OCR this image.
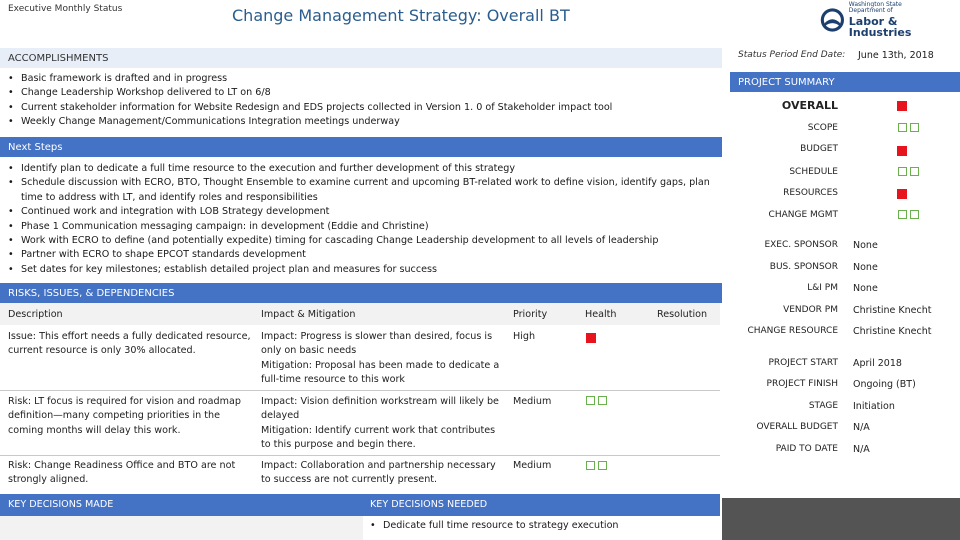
Executive Monthly Status	Change Management Strategy: Overall BT
Washington State Department of
Labor & Industries
ACCOMPLISHMENTS
• Basic framework is drafted and in progress
• Change Leadership Workshop delivered to LT on 6/8
• Current stakeholder information for Website Redesign and EDS projects collected in Version 1. 0 of Stakeholder impact tool
• Weekly Change Management/Communications Integration meetings underway
Next Steps
• Identify plan to dedicate a full time resource to the execution and further development of this strategy
• Schedule discussion with ECRO, BTO, Thought Ensemble to examine current and upcoming BT-related work to define vision, identify gaps, plan time to address with LT, and identify roles and responsibilities
• Continued work and integration with LOB Strategy development
• Phase 1 Communication messaging campaign: in development (Eddie and Christine)
• Work with ECRO to define (and potentially expedite) timing for cascading Change Leadership development to all levels of leadership
• Partner with ECRO to shape EPCOT standards development
• Set dates for key milestones; establish detailed project plan and measures for success
RISKS, ISSUES, & DEPENDENCIES
Description	Impact & Mitigation	Priority	Health	Resolution
Issue: This effort needs a fully dedicated resource, current resource is only 30% allocated.
Impact: Progress is slower than desired, focus is only on basic needs
Mitigation: Proposal has been made to dedicate a full-time resource to this work
High
Risk: LT focus is required for vision and roadmap definition—many competing priorities in the coming months will delay this work.
Impact: Vision definition workstream will likely be delayed
Mitigation: Identify current work that contributes to this purpose and begin there.
Medium
Risk: Change Readiness Office and BTO are not strongly aligned.
Impact: Collaboration and partnership necessary to success are not currently present.
Medium
KEY DECISIONS MADE	KEY DECISIONS NEEDED
• Dedicate full time resource to strategy execution
Status Period End Date: June 13th, 2018
PROJECT SUMMARY
OVERALL
SCOPE
BUDGET
SCHEDULE
RESOURCES
CHANGE MGMT
EXEC. SPONSOR None
BUS. SPONSOR None
L&I PM None
VENDOR PM Christine Knecht
CHANGE RESOURCE Christine Knecht
PROJECT START April 2018
PROJECT FINISH Ongoing (BT)
STAGE Initiation
OVERALL BUDGET N/A
PAID TO DATE N/A
